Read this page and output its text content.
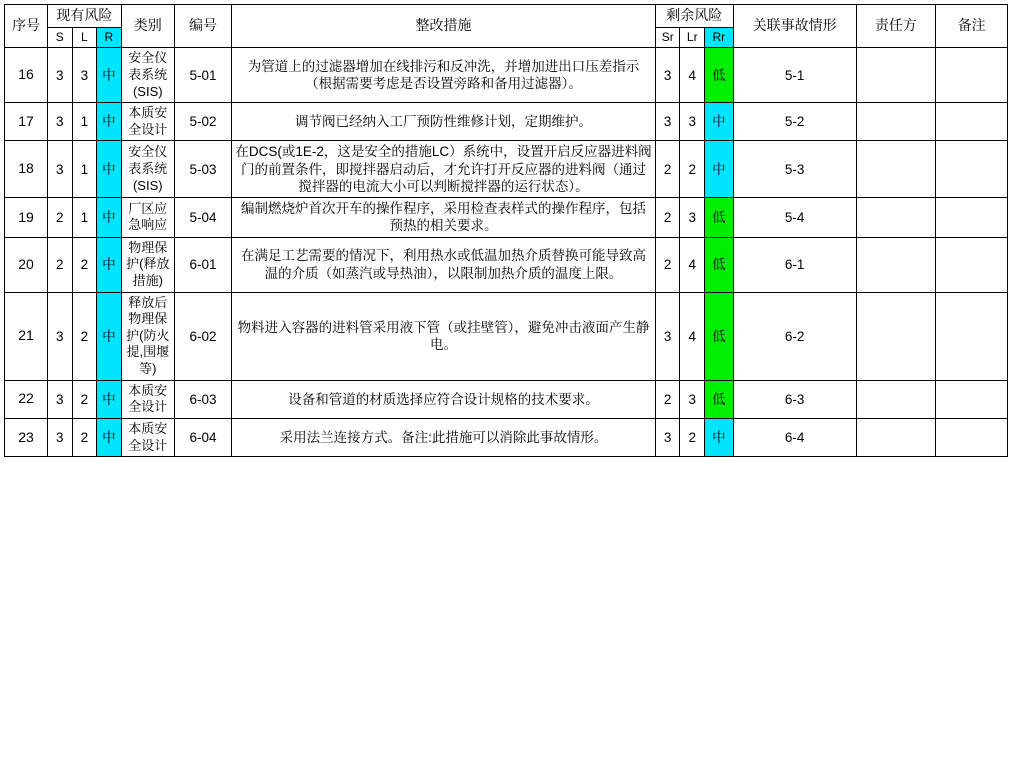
序号	现有风险			类别	编号	整改措施	剩余风险			关联事故情形	责任方	备注
	S	L	R				Sr	Lr	Rr			
16	3	3	中	安全仪表系统(SIS)	5-01	为管道上的过滤器增加在线排污和反冲洗，并增加进出口压差指示（根据需要考虑是否设置旁路和备用过滤器）。	3	4	低	5-1		
17	3	1	中	本质安全设计	5-02	调节阀已经纳入工厂预防性维修计划，定期维护。	3	3	中	5-2		
18	3	1	中	安全仪表系统(SIS)	5-03	在DCS(或1E-2，这是安全的措施LC）系统中，设置开启反应器进料阀门的前置条件，即搅拌器启动后，才允许打开反应器的进料阀（通过搅拌器的电流大小可以判断搅拌器的运行状态）。	2	2	中	5-3		
19	2	1	中	厂区应急响应	5-04	编制燃烧炉首次开车的操作程序，采用检查表样式的操作程序，包括预热的相关要求。	2	3	低	5-4		
20	2	2	中	物理保护(释放措施)	6-01	在满足工艺需要的情况下，利用热水或低温加热介质替换可能导致高温的介质（如蒸汽或导热油），以限制加热介质的温度上限。	2	4	低	6-1		
21	3	2	中	释放后物理保护(防火提,围堰等)	6-02	物料进入容器的进料管采用液下管（或挂壁管），避免冲击液面产生静电。	3	4	低	6-2		
22	3	2	中	本质安全设计	6-03	设备和管道的材质选择应符合设计规格的技术要求。	2	3	低	6-3		
23	3	2	中	本质安全设计	6-04	采用法兰连接方式。备注:此措施可以消除此事故情形。	3	2	中	6-4		
